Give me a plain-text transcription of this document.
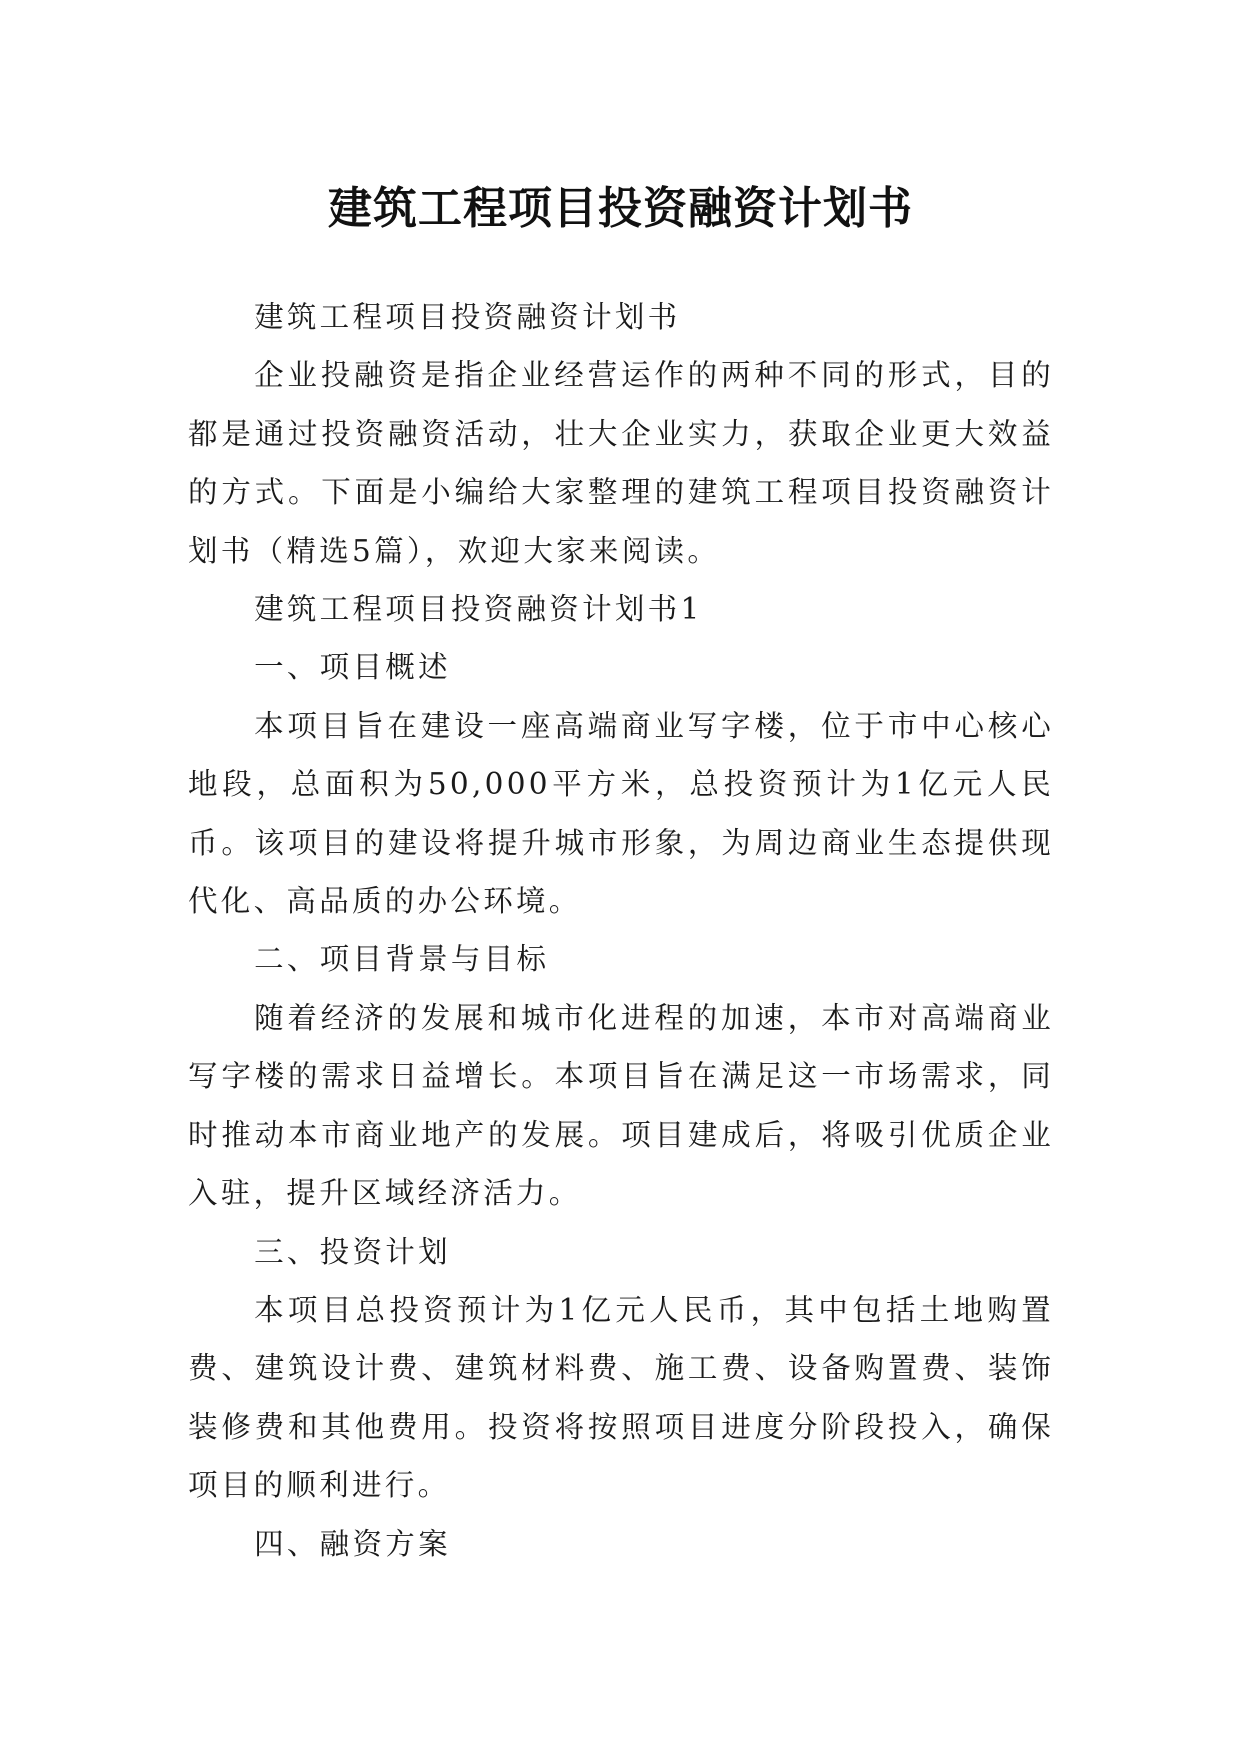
建筑工程项目投资融资计划书

建筑工程项目投资融资计划书

企业投融资是指企业经营运作的两种不同的形式，目的都是通过投资融资活动，壮大企业实力，获取企业更大效益的方式。下面是小编给大家整理的建筑工程项目投资融资计划书（精选5篇），欢迎大家来阅读。

建筑工程项目投资融资计划书1

一、项目概述

本项目旨在建设一座高端商业写字楼，位于市中心核心地段，总面积为50,000平方米，总投资预计为1亿元人民币。该项目的建设将提升城市形象，为周边商业生态提供现代化、高品质的办公环境。

二、项目背景与目标

随着经济的发展和城市化进程的加速，本市对高端商业写字楼的需求日益增长。本项目旨在满足这一市场需求，同时推动本市商业地产的发展。项目建成后，将吸引优质企业入驻，提升区域经济活力。

三、投资计划

本项目总投资预计为1亿元人民币，其中包括土地购置费、建筑设计费、建筑材料费、施工费、设备购置费、装饰装修费和其他费用。投资将按照项目进度分阶段投入，确保项目的顺利进行。

四、融资方案
